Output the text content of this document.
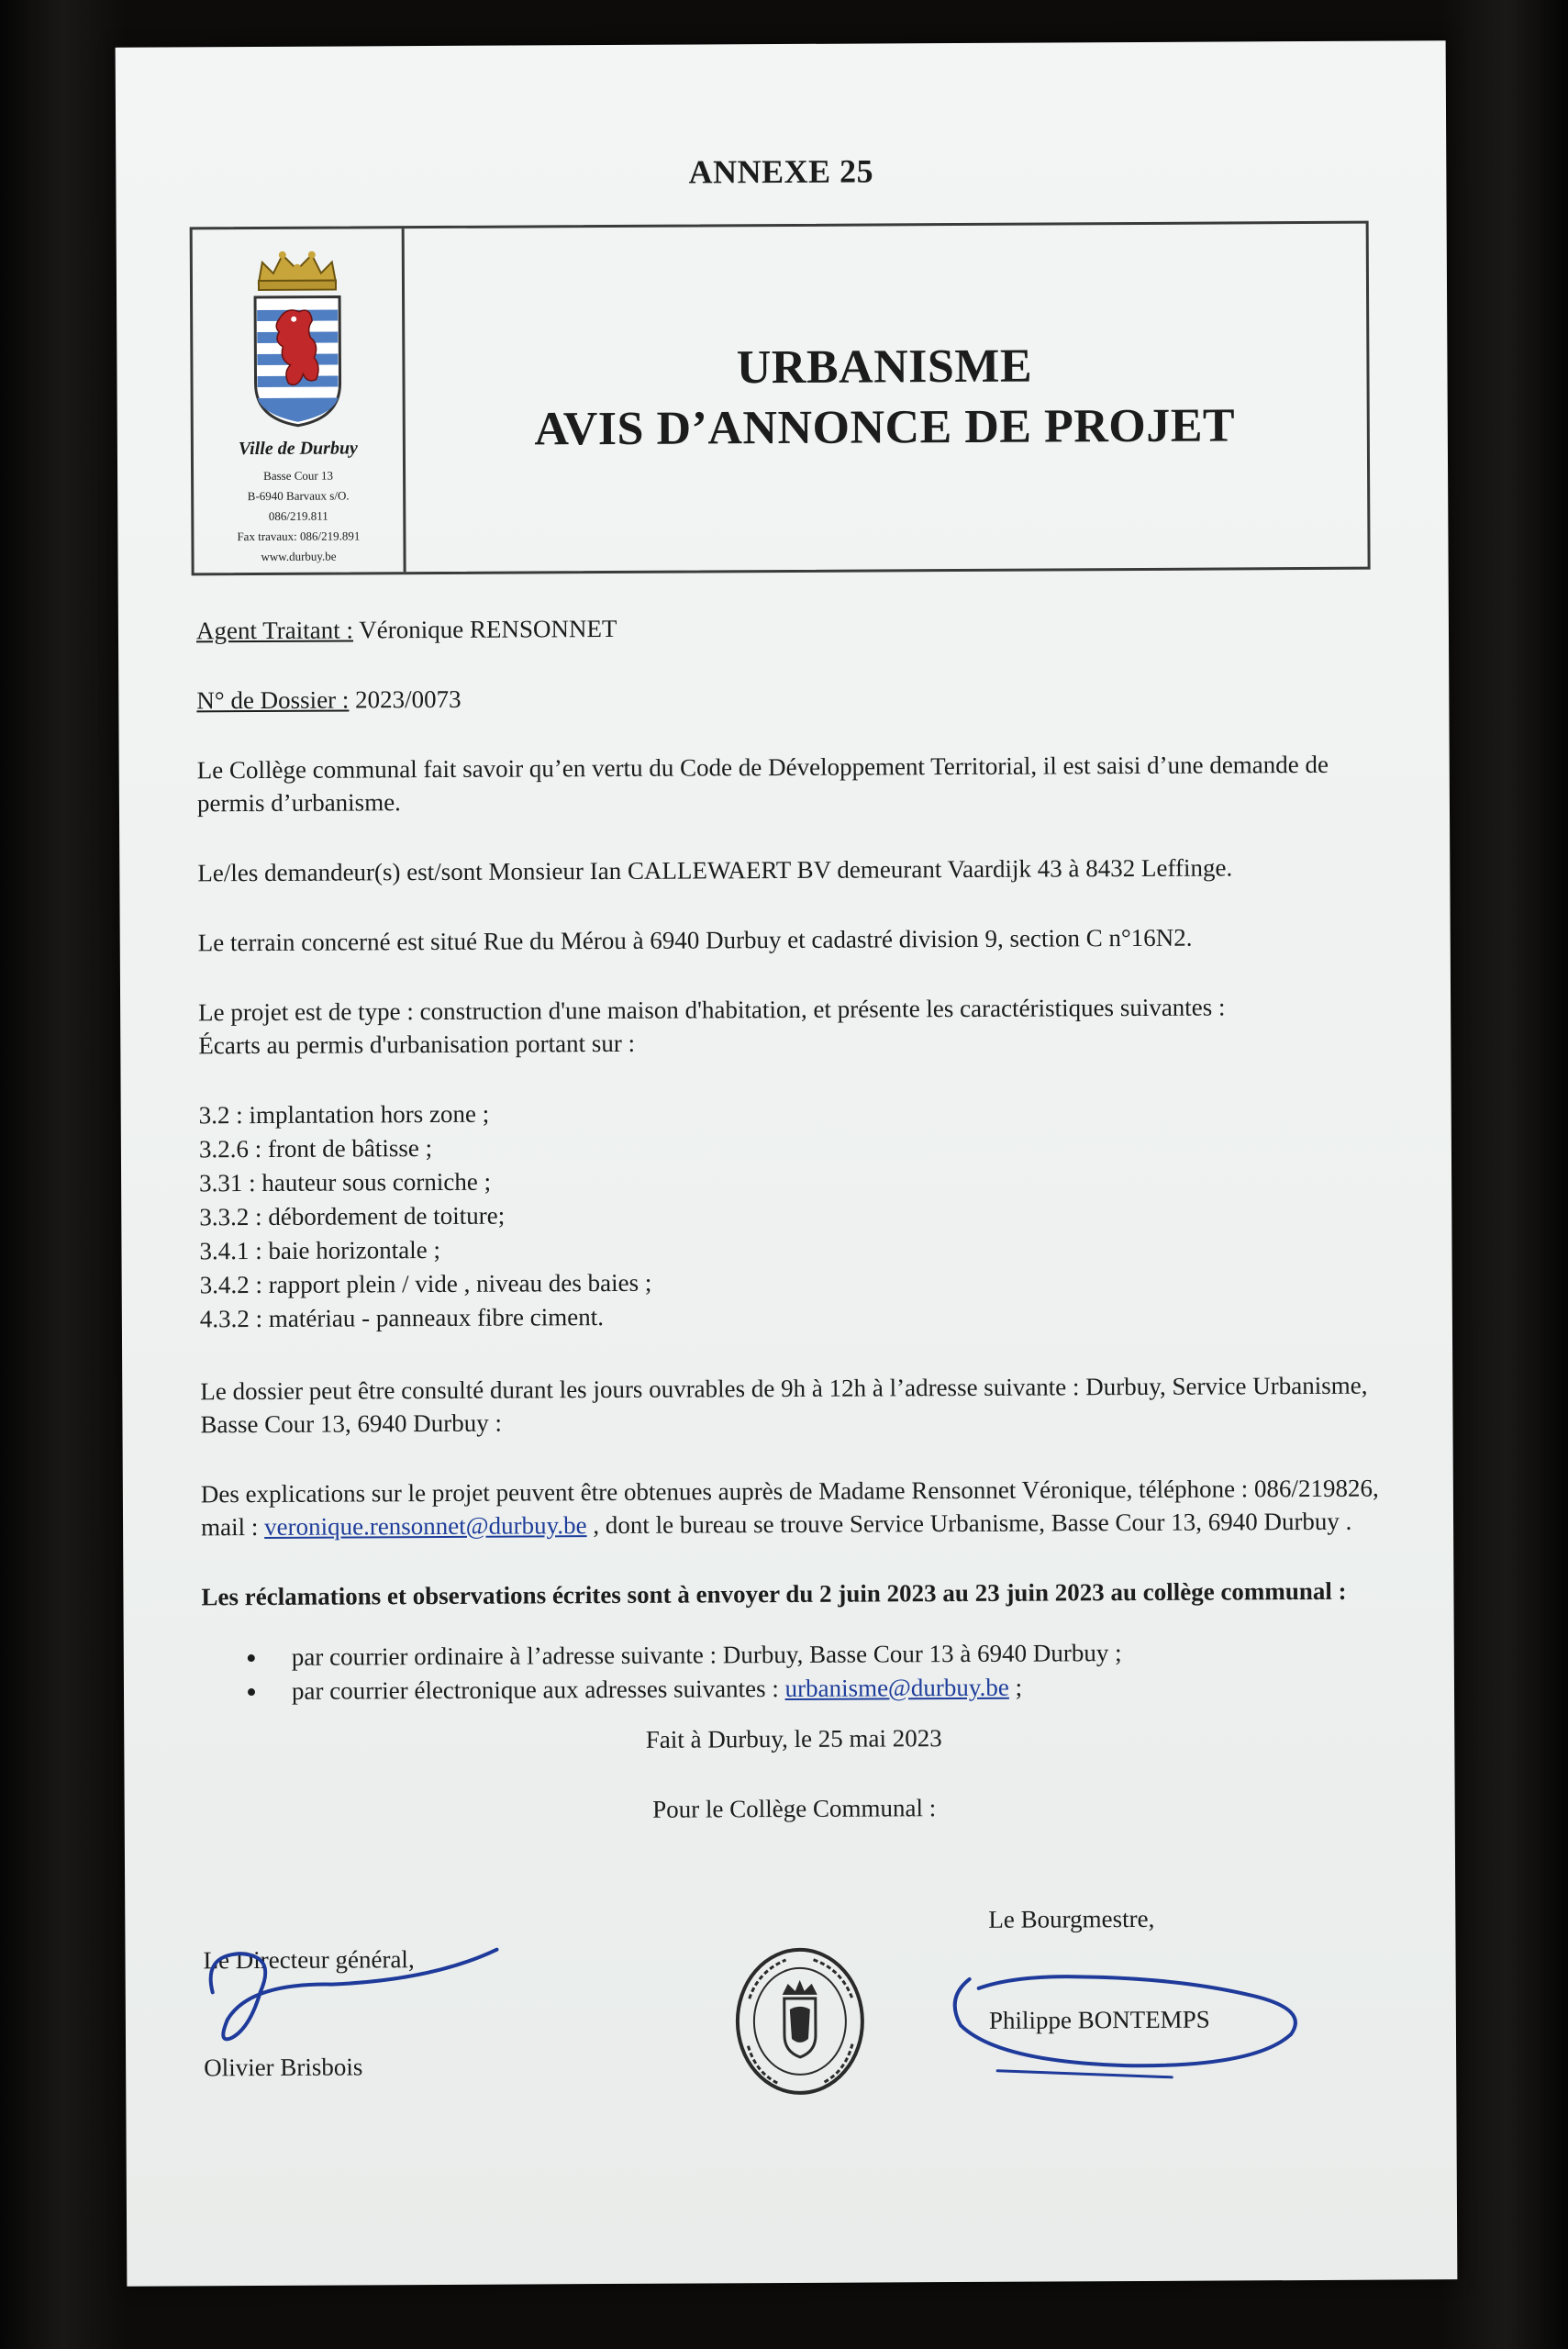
ANNEXE 25
Ville de Durbuy
Basse Cour 13
B-6940 Barvaux s/O.
086/219.811
Fax travaux: 086/219.891
www.durbuy.be
URBANISME
AVIS D’ANNONCE DE PROJET

Agent Traitant : Véronique RENSONNET

N° de Dossier : 2023/0073

Le Collège communal fait savoir qu’en vertu du Code de Développement Territorial, il est saisi d’une demande de permis d’urbanisme.

Le/les demandeur(s) est/sont Monsieur Ian CALLEWAERT BV demeurant Vaardijk 43 à 8432 Leffinge.

Le terrain concerné est situé Rue du Mérou à 6940 Durbuy et cadastré division 9, section C n°16N2.

Le projet est de type : construction d'une maison d'habitation, et présente les caractéristiques suivantes :
Écarts au permis d'urbanisation portant sur :

3.2 : implantation hors zone ;
3.2.6 : front de bâtisse ;
3.31 : hauteur sous corniche ;
3.3.2 : débordement de toiture;
3.4.1 : baie horizontale ;
3.4.2 : rapport plein / vide , niveau des baies ;
4.3.2 : matériau - panneaux fibre ciment.

Le dossier peut être consulté durant les jours ouvrables de 9h à 12h à l’adresse suivante : Durbuy, Service Urbanisme, Basse Cour 13, 6940 Durbuy :

Des explications sur le projet peuvent être obtenues auprès de Madame Rensonnet Véronique, téléphone : 086/219826, mail : veronique.rensonnet@durbuy.be , dont le bureau se trouve Service Urbanisme, Basse Cour 13, 6940 Durbuy .

Les réclamations et observations écrites sont à envoyer du 2 juin 2023 au 23 juin 2023 au collège communal :

par courrier ordinaire à l’adresse suivante : Durbuy, Basse Cour 13 à 6940 Durbuy ;
par courrier électronique aux adresses suivantes : urbanisme@durbuy.be ;

Fait à Durbuy, le 25 mai 2023

Pour le Collège Communal :

Le Directeur général,
Olivier Brisbois
Le Bourgmestre,
Philippe BONTEMPS
